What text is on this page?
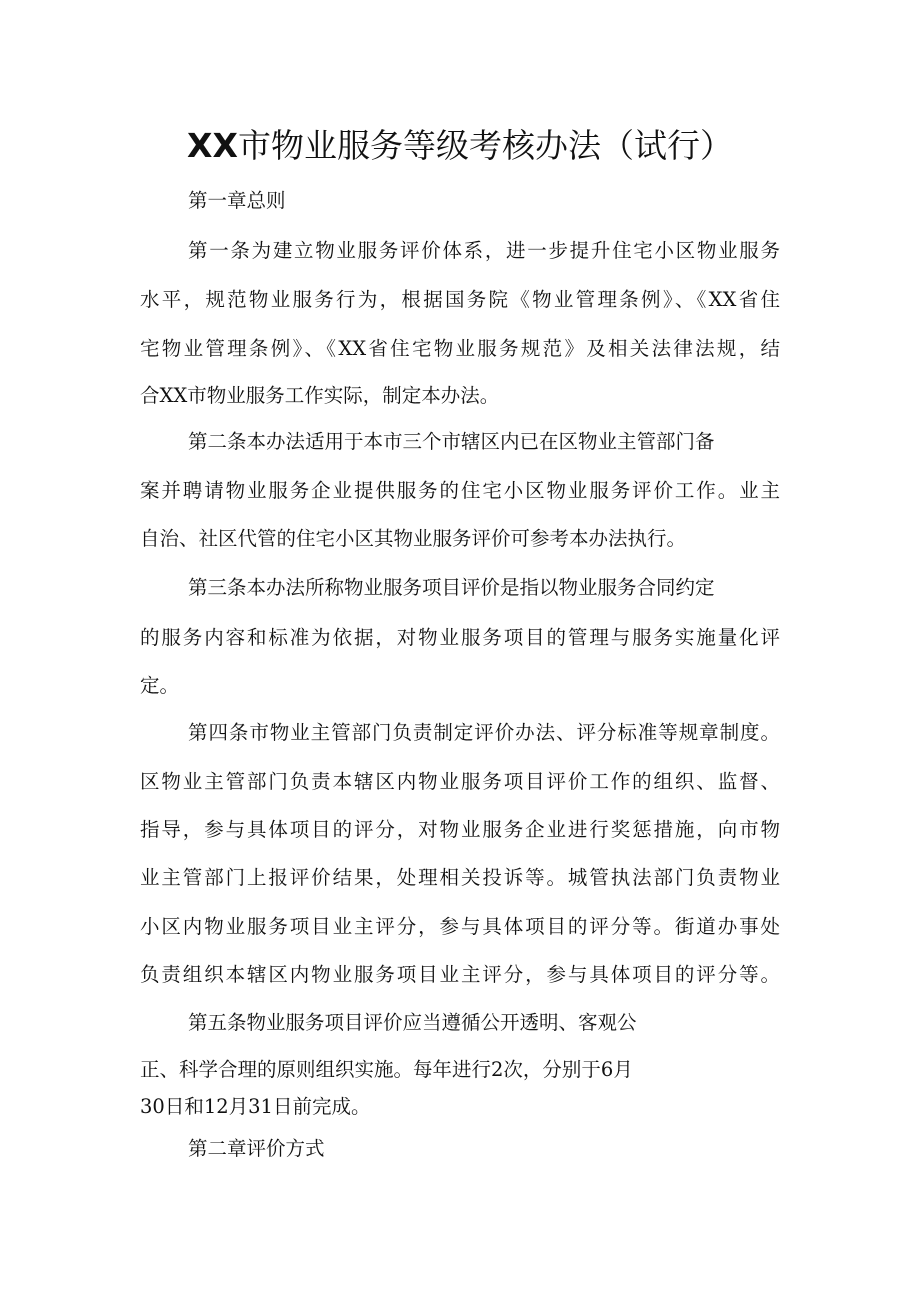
XX市物业服务等级考核办法（试行）

第一章总则

第一条为建立物业服务评价体系，进一步提升住宅小区物业服务

水平，规范物业服务行为，根据国务院《物业管理条例》、《XX省住

宅物业管理条例》、《XX省住宅物业服务规范》及相关法律法规，结

合XX市物业服务工作实际，制定本办法。

第二条本办法适用于本市三个市辖区内已在区物业主管部门备

案并聘请物业服务企业提供服务的住宅小区物业服务评价工作。业主

自治、社区代管的住宅小区其物业服务评价可参考本办法执行。

第三条本办法所称物业服务项目评价是指以物业服务合同约定

的服务内容和标准为依据，对物业服务项目的管理与服务实施量化评

定。

第四条市物业主管部门负责制定评价办法、评分标准等规章制度。

区物业主管部门负责本辖区内物业服务项目评价工作的组织、监督、

指导，参与具体项目的评分，对物业服务企业进行奖惩措施，向市物

业主管部门上报评价结果，处理相关投诉等。城管执法部门负责物业

小区内物业服务项目业主评分，参与具体项目的评分等。街道办事处

负责组织本辖区内物业服务项目业主评分，参与具体项目的评分等。

第五条物业服务项目评价应当遵循公开透明、客观公

正、科学合理的原则组织实施。每年进行2次，分别于6月

30日和12月31日前完成。

第二章评价方式
